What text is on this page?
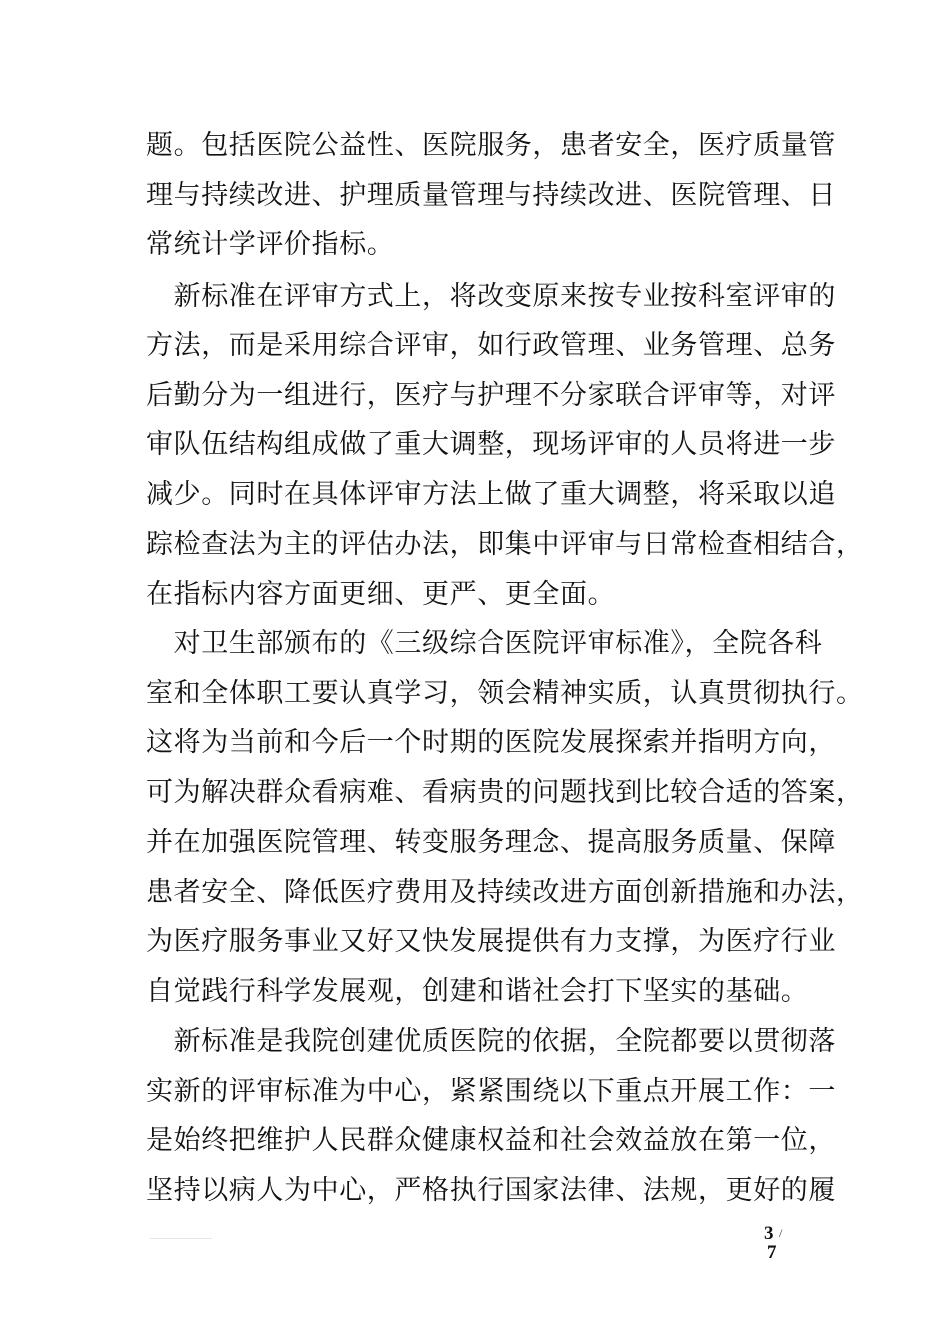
题。包括医院公益性、医院服务，患者安全，医疗质量管
理与持续改进、护理质量管理与持续改进、医院管理、日
常统计学评价指标。
　新标准在评审方式上，将改变原来按专业按科室评审的
方法，而是采用综合评审，如行政管理、业务管理、总务
后勤分为一组进行，医疗与护理不分家联合评审等，对评
审队伍结构组成做了重大调整，现场评审的人员将进一步
减少。同时在具体评审方法上做了重大调整，将采取以追
踪检查法为主的评估办法，即集中评审与日常检查相结合，
在指标内容方面更细、更严、更全面。
　对卫生部颁布的《三级综合医院评审标准》，全院各科
室和全体职工要认真学习，领会精神实质，认真贯彻执行。
这将为当前和今后一个时期的医院发展探索并指明方向，
可为解决群众看病难、看病贵的问题找到比较合适的答案，
并在加强医院管理、转变服务理念、提高服务质量、保障
患者安全、降低医疗费用及持续改进方面创新措施和办法，
为医疗服务事业又好又快发展提供有力支撑，为医疗行业
自觉践行科学发展观，创建和谐社会打下坚实的基础。
　新标准是我院创建优质医院的依据，全院都要以贯彻落
实新的评审标准为中心，紧紧围绕以下重点开展工作：一
是始终把维护人民群众健康权益和社会效益放在第一位，
坚持以病人为中心，严格执行国家法律、法规，更好的履
3 /
7
